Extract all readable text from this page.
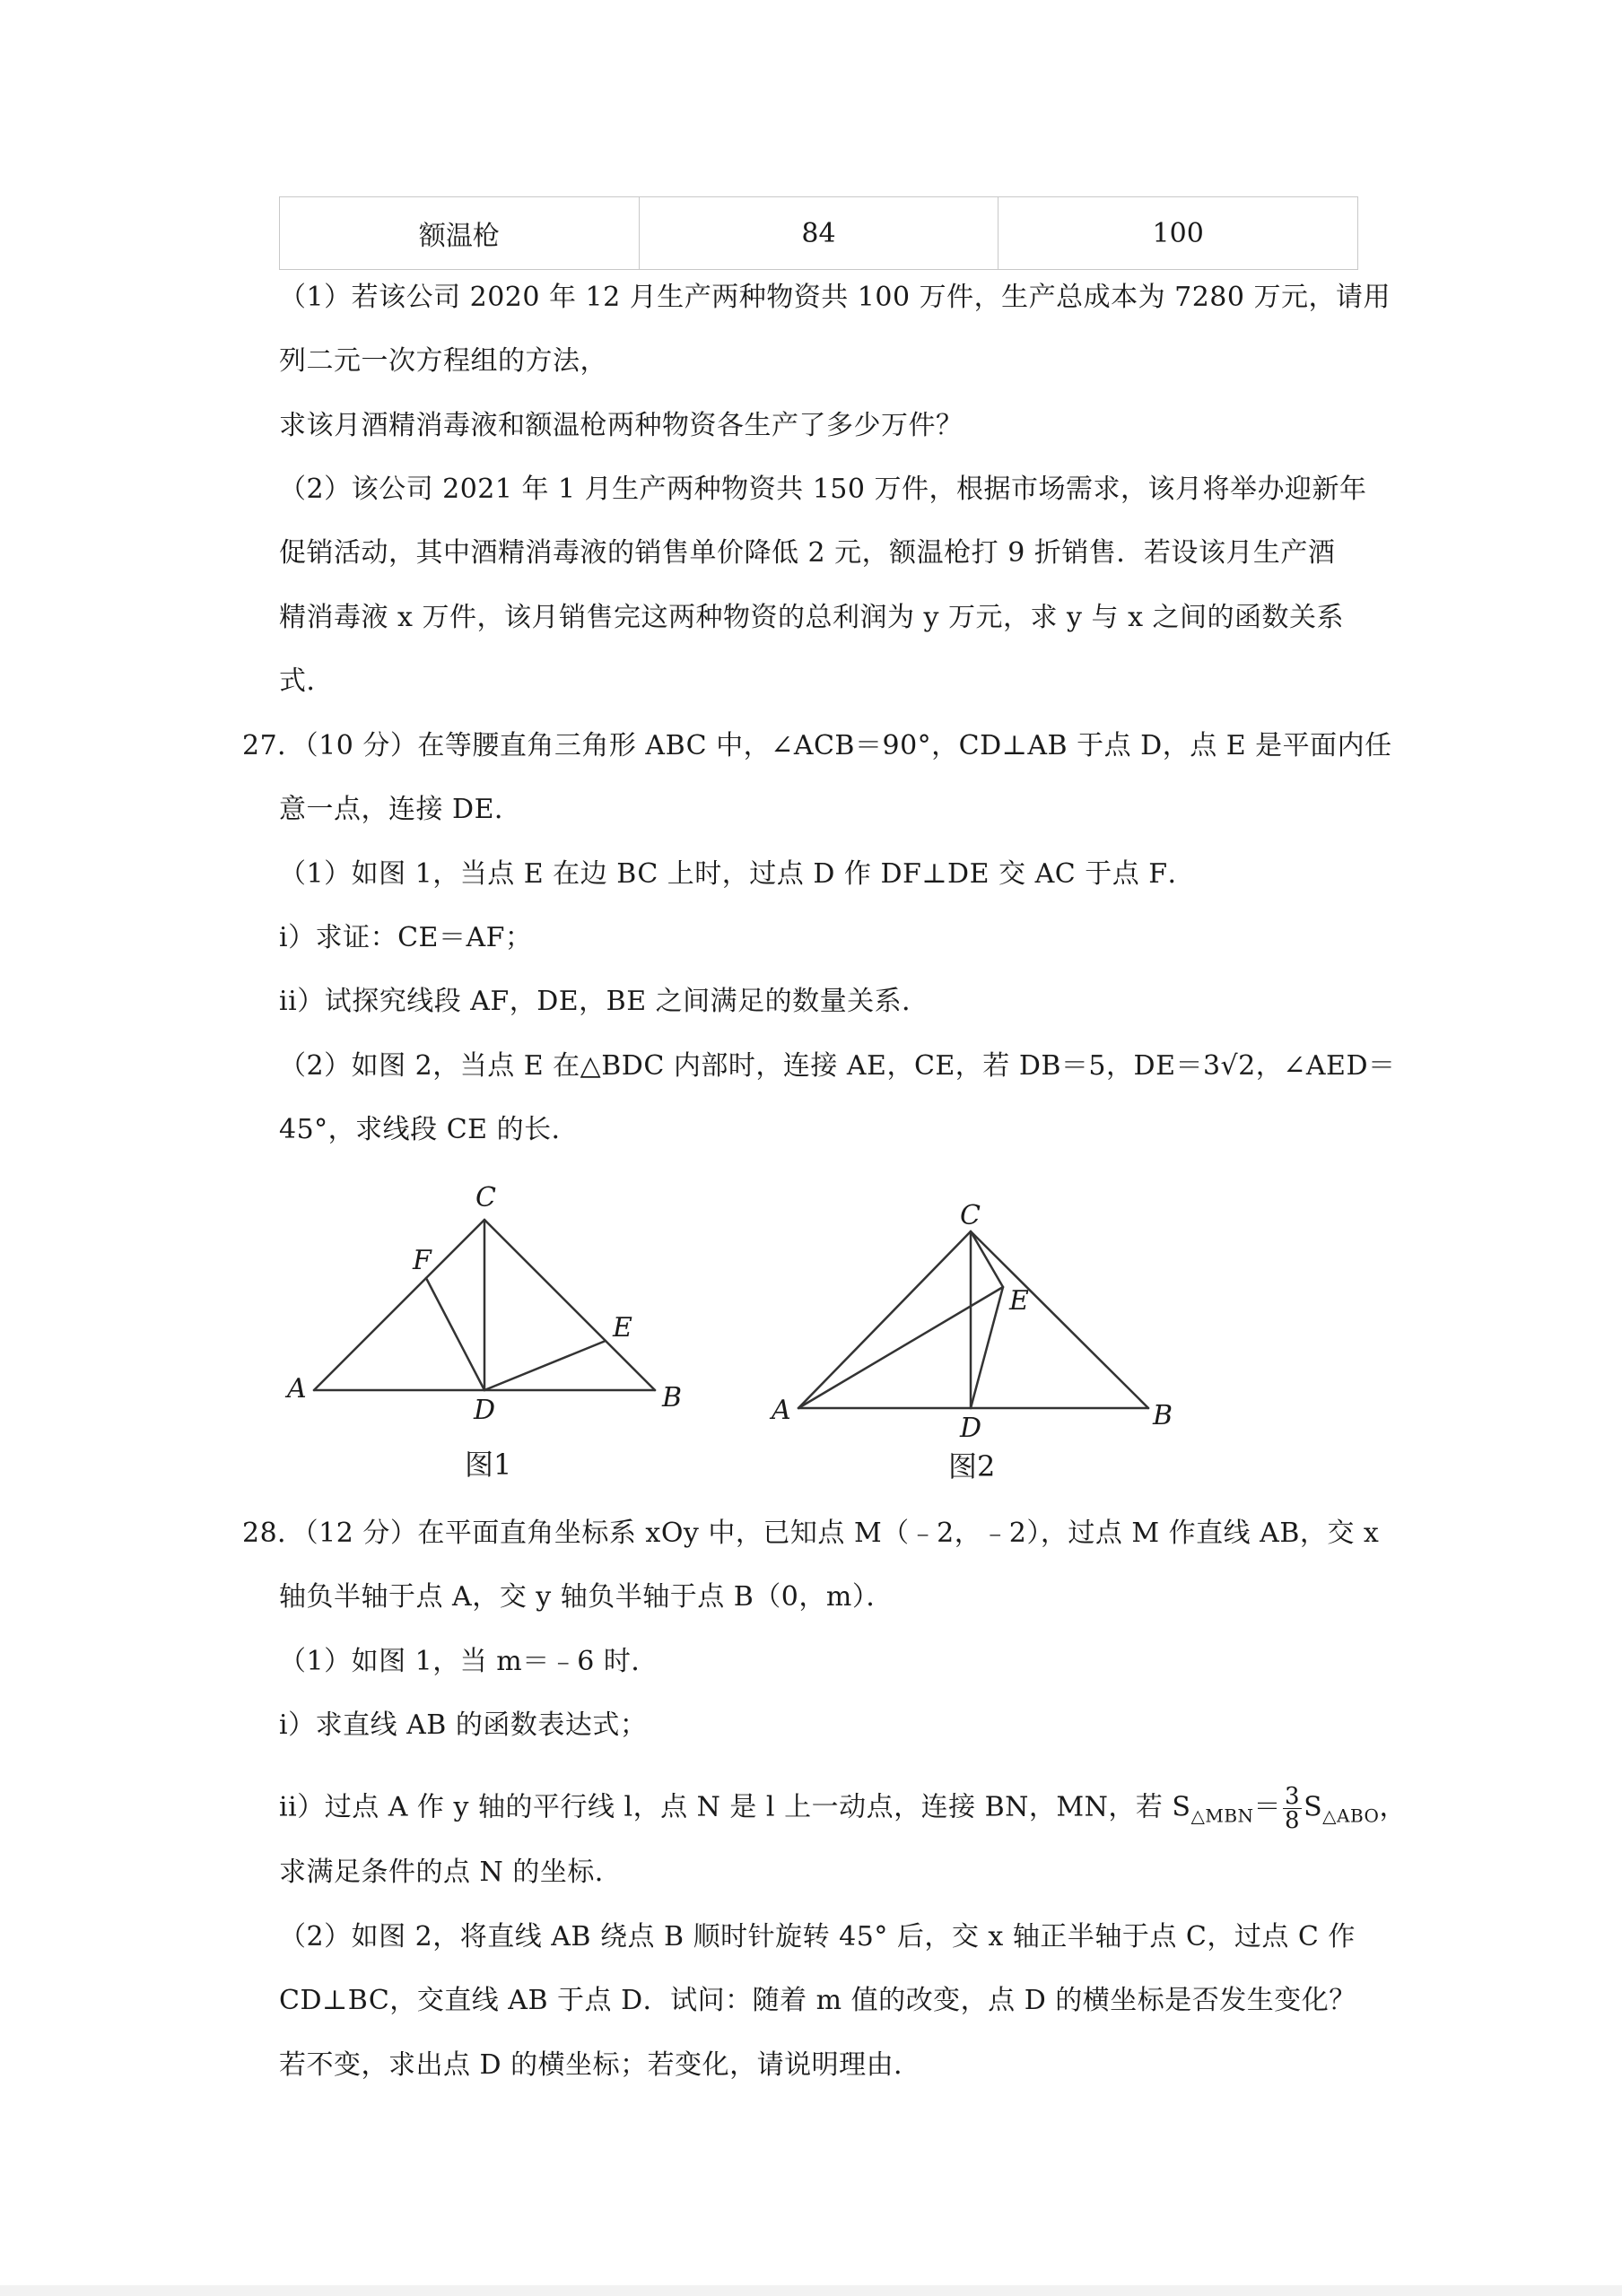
额温枪	84	100
（1）若该公司 2020 年 12 月生产两种物资共 100 万件，生产总成本为 7280 万元，请用
列二元一次方程组的方法，
求该月酒精消毒液和额温枪两种物资各生产了多少万件？
（2）该公司 2021 年 1 月生产两种物资共 150 万件，根据市场需求，该月将举办迎新年
促销活动，其中酒精消毒液的销售单价降低 2 元，额温枪打 9 折销售．若设该月生产酒
精消毒液 x 万件，该月销售完这两种物资的总利润为 y 万元，求 y 与 x 之间的函数关系
式．
27．（10 分）在等腰直角三角形 ABC 中，∠ACB＝90°，CD⊥AB 于点 D，点 E 是平面内任
意一点，连接 DE．
（1）如图 1，当点 E 在边 BC 上时，过点 D 作 DF⊥DE 交 AC 于点 F．
i）求证：CE＝AF；
ii）试探究线段 AF，DE，BE 之间满足的数量关系．
（2）如图 2，当点 E 在△BDC 内部时，连接 AE，CE，若 DB＝5，DE＝3√2，∠AED＝
45°，求线段 CE 的长．
C
F
E
A
D	B
图1
C
E
A
D	B
图2
28．（12 分）在平面直角坐标系 xOy 中，已知点 M（﹣2，﹣2），过点 M 作直线 AB，交 x
轴负半轴于点 A，交 y 轴负半轴于点 B（0，m）．
（1）如图 1，当 m＝﹣6 时．
i）求直线 AB 的函数表达式；
ii）过点 A 作 y 轴的平行线 l，点 N 是 l 上一动点，连接 BN，MN，若 $S_{\triangle MBN}= \frac{3}{8} S_{\triangle ABO}$，
求满足条件的点 N 的坐标．
（2）如图 2，将直线 AB 绕点 B 顺时针旋转 45° 后，交 x 轴正半轴于点 C，过点 C 作
CD⊥BC，交直线 AB 于点 D．试问：随着 m 值的改变，点 D 的横坐标是否发生变化？
若不变，求出点 D 的横坐标；若变化，请说明理由．
